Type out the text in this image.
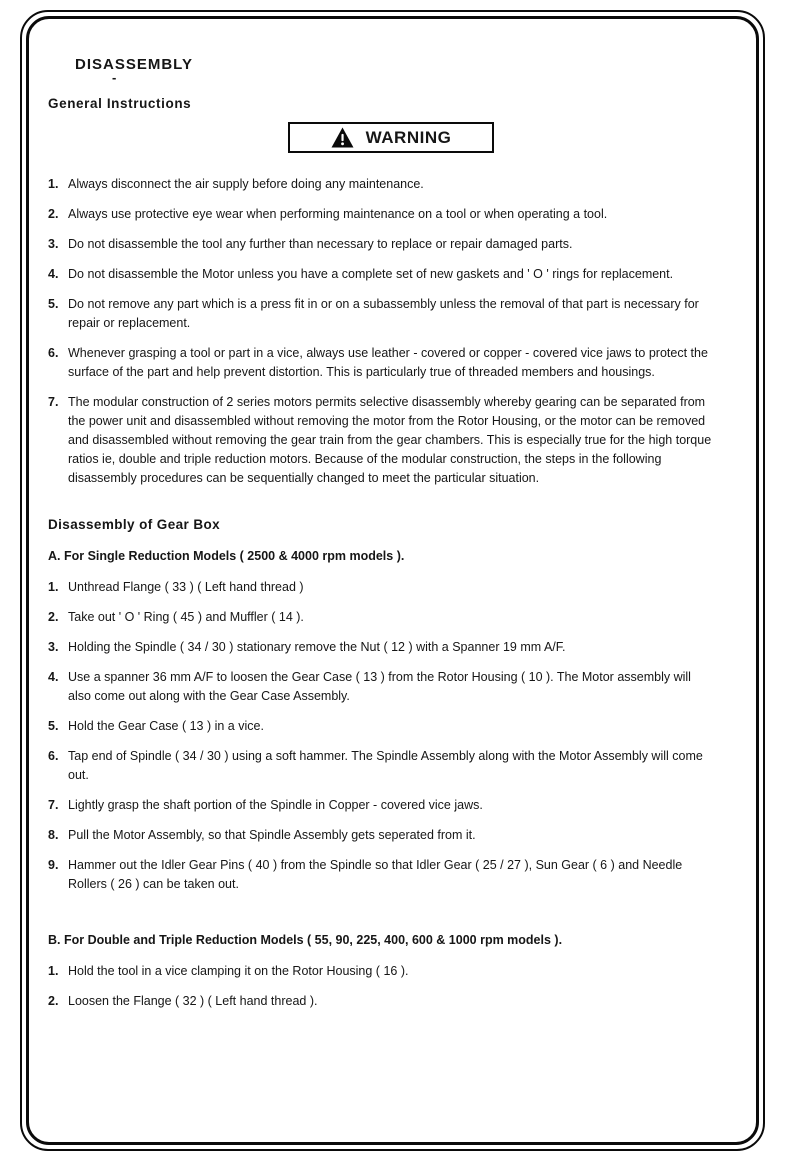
DISASSEMBLY
-
General Instructions
WARNING
1. Always disconnect the air supply before doing any maintenance.
2. Always use protective eye wear when performing maintenance on a tool or when operating a tool.
3. Do not disassemble the tool any further than necessary to replace or repair damaged parts.
4. Do not disassemble the Motor unless you have a complete set of new gaskets and ' O ' rings for replacement.
5. Do not remove any part which is a press fit in or on a subassembly unless the removal of that part is necessary for repair or replacement.
6. Whenever grasping a tool or part in a vice, always use leather - covered or copper - covered vice jaws to protect the surface of the part and help prevent distortion. This is particularly true of threaded members and housings.
7. The modular construction of 2 series motors permits selective disassembly whereby gearing can be separated from the power unit and disassembled without removing the motor from the Rotor Housing, or the motor can be removed and disassembled without removing the gear train from the gear chambers. This is especially true for the high torque ratios ie, double and triple reduction motors. Because of the modular construction, the steps in the following disassembly procedures can be sequentially changed to meet the particular situation.
Disassembly of Gear Box
A. For Single Reduction Models ( 2500 & 4000 rpm models ).
1. Unthread Flange ( 33 ) ( Left hand thread )
2. Take out ' O ' Ring ( 45 ) and Muffler ( 14 ).
3. Holding the Spindle ( 34 / 30 ) stationary remove the Nut ( 12 ) with a Spanner 19 mm A/F.
4. Use a spanner 36 mm A/F to loosen the Gear Case ( 13 ) from the Rotor Housing ( 10 ). The Motor assembly will also come out along with the Gear Case Assembly.
5. Hold the Gear Case ( 13 ) in a vice.
6. Tap end of Spindle ( 34 / 30 ) using a soft hammer. The Spindle Assembly along with the Motor Assembly will come out.
7. Lightly grasp the shaft portion of the Spindle in Copper - covered vice jaws.
8. Pull the Motor Assembly, so that Spindle Assembly gets seperated from it.
9. Hammer out the Idler Gear Pins ( 40 ) from the Spindle so that Idler Gear ( 25 / 27 ), Sun Gear ( 6 ) and Needle Rollers ( 26 ) can be taken out.
B. For Double and Triple Reduction Models ( 55, 90, 225, 400, 600 & 1000 rpm models ).
1. Hold the tool in a vice clamping it on the Rotor Housing ( 16 ).
2. Loosen the Flange ( 32 ) ( Left hand thread ).
